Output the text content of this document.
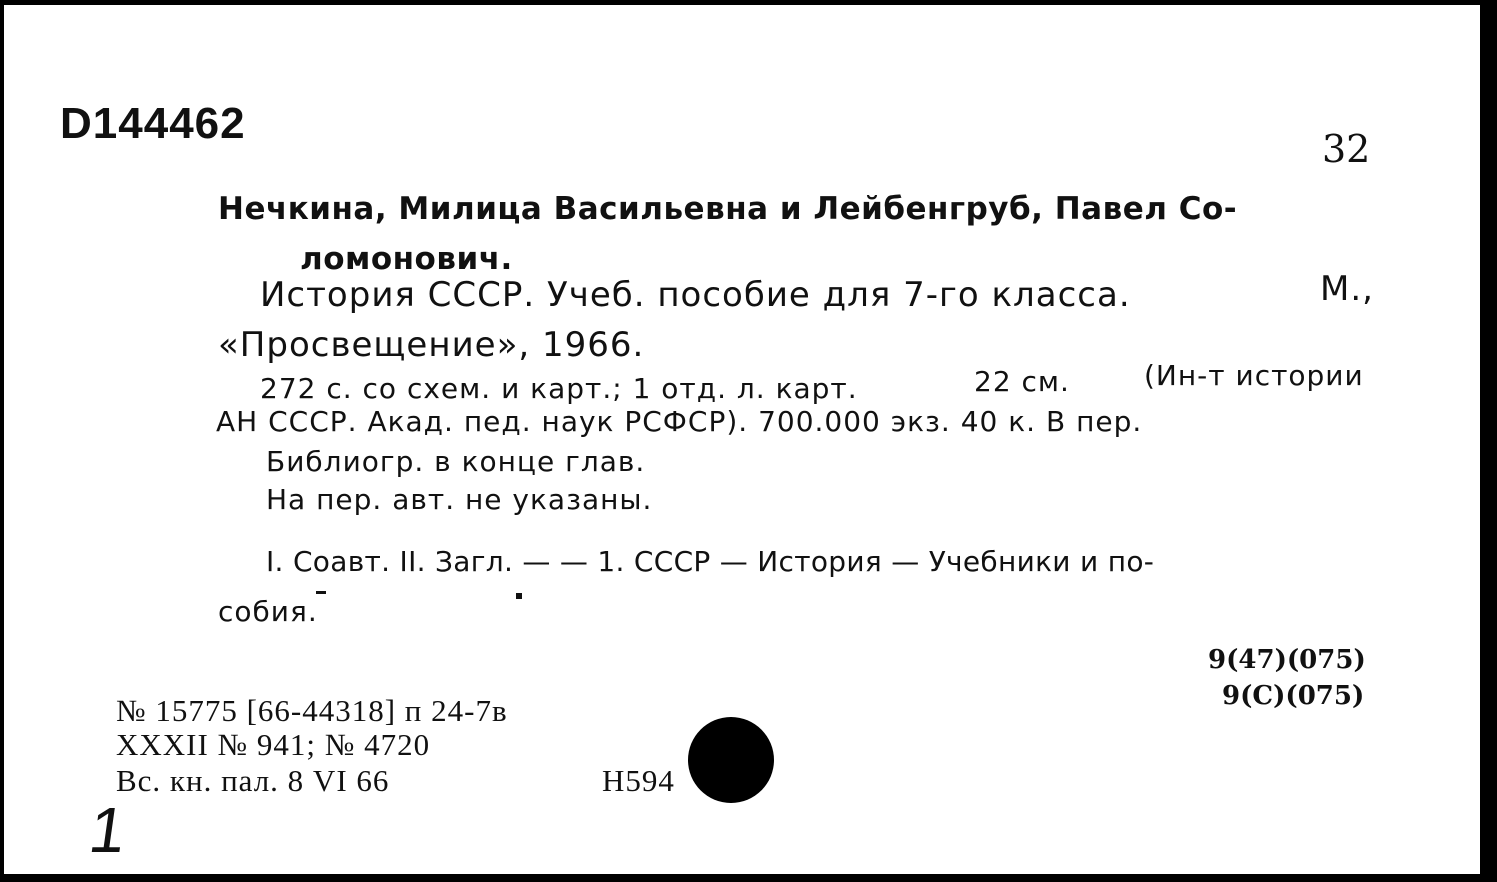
D144462
32
Нечкина, Милица Васильевна и Лейбенгруб, Павел Со-
ломонович.
История СССР. Учеб. пособие для 7-го класса.	М.,
«Просвещение», 1966.
272 с. со схем. и карт.; 1 отд. л. карт.	22 см.	(Ин-т истории
АН СССР. Акад. пед. наук РСФСР). 700.000 экз. 40 к. В пер.
Библиогр. в конце глав.
На пер. авт. не указаны.
I. Соавт. II. Загл. — — 1. СССР — История — Учебники и по-
собия.
9(47)(075)
9(С)(075)
№ 15775 [66-44318] п 24-7в
XXXII № 941; № 4720
Вс. кн. пал. 8 VI 66	Н594
1
